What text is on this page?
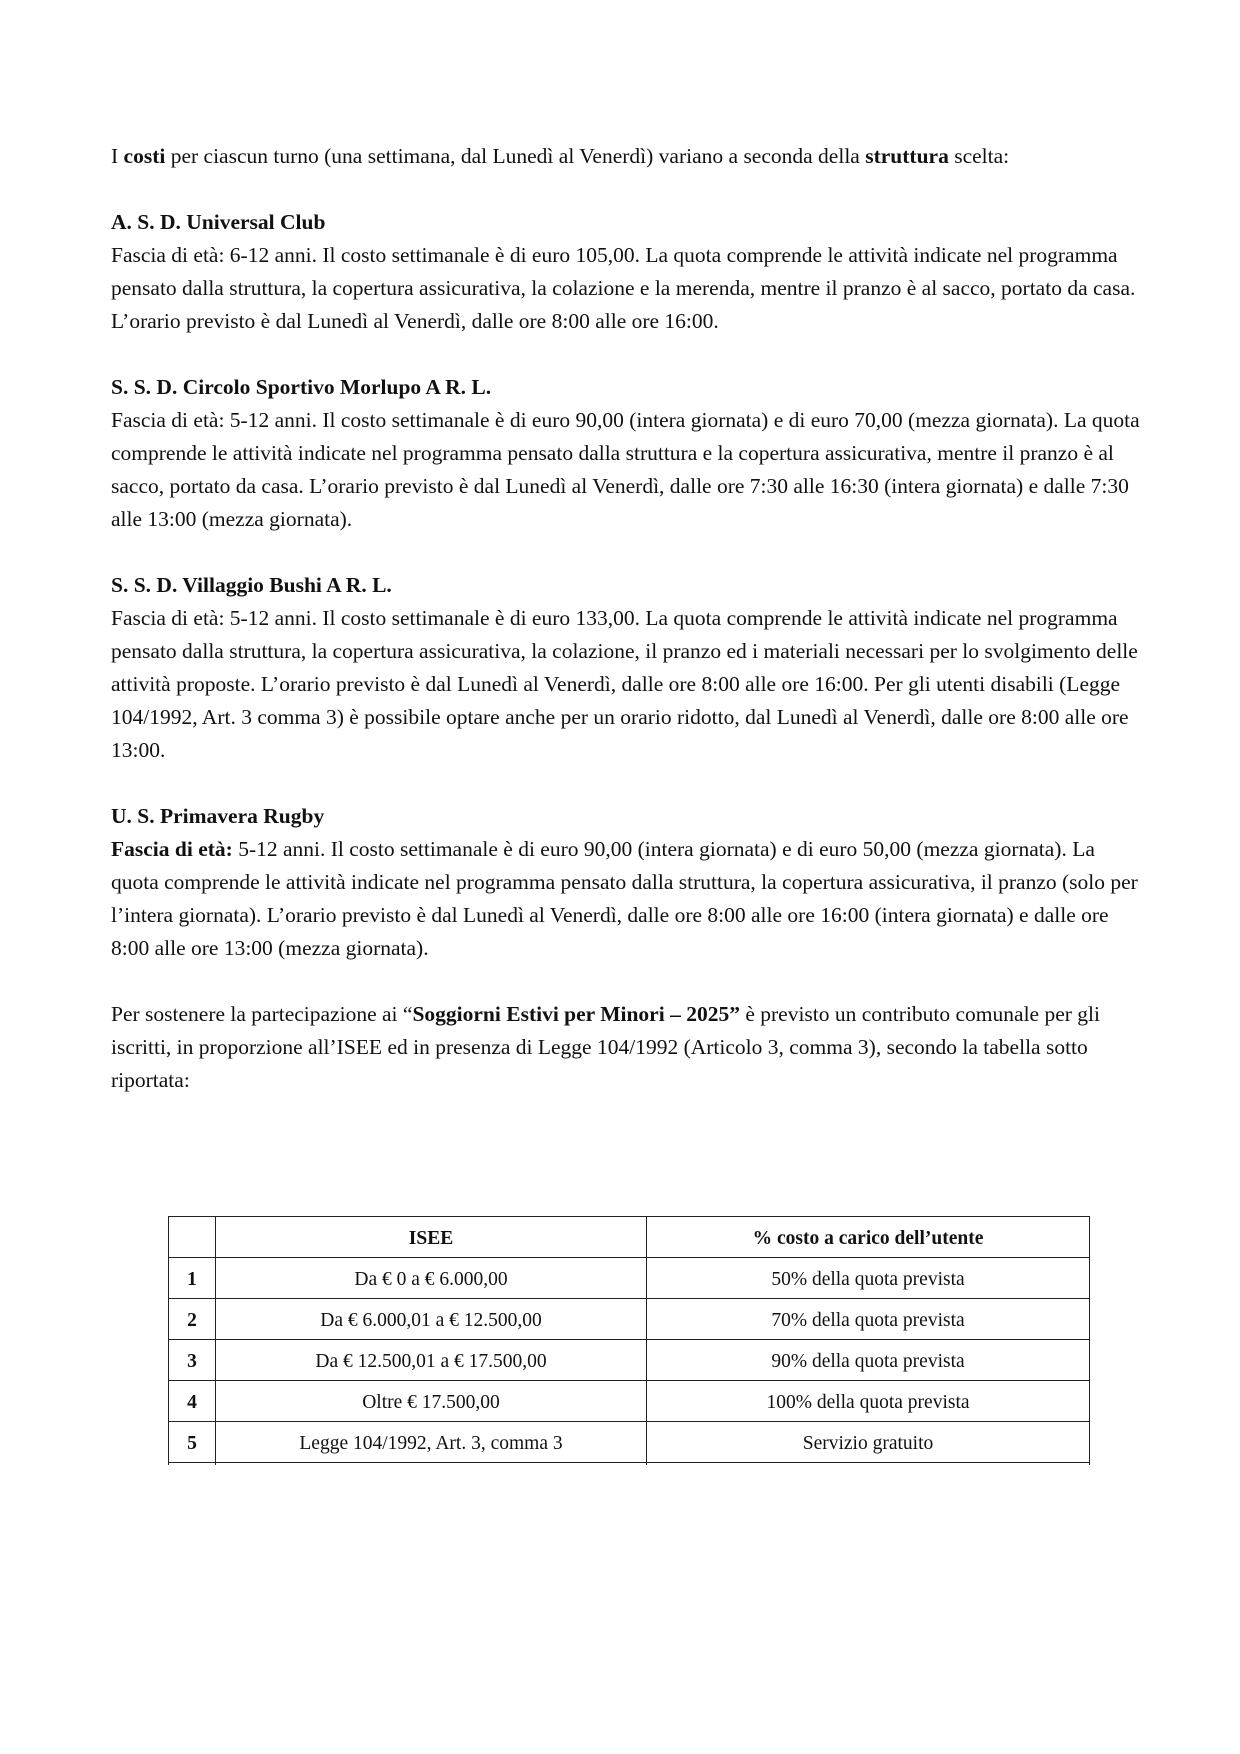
I costi per ciascun turno (una settimana, dal Lunedì al Venerdì) variano a seconda della struttura scelta:

A. S. D. Universal Club

Fascia di età: 6-12 anni. Il costo settimanale è di euro 105,00. La quota comprende le attività indicate nel programma pensato dalla struttura, la copertura assicurativa, la colazione e la merenda, mentre il pranzo è al sacco, portato da casa. L’orario previsto è dal Lunedì al Venerdì, dalle ore 8:00 alle ore 16:00.

S. S. D. Circolo Sportivo Morlupo A R. L.

Fascia di età: 5-12 anni. Il costo settimanale è di euro 90,00 (intera giornata) e di euro 70,00 (mezza giornata). La quota comprende le attività indicate nel programma pensato dalla struttura e la copertura assicurativa, mentre il pranzo è al sacco, portato da casa. L’orario previsto è dal Lunedì al Venerdì, dalle ore 7:30 alle 16:30 (intera giornata) e dalle 7:30 alle 13:00 (mezza giornata).

S. S. D. Villaggio Bushi A R. L.

Fascia di età: 5-12 anni. Il costo settimanale è di euro 133,00. La quota comprende le attività indicate nel programma pensato dalla struttura, la copertura assicurativa, la colazione, il pranzo ed i materiali necessari per lo svolgimento delle attività proposte. L’orario previsto è dal Lunedì al Venerdì, dalle ore 8:00 alle ore 16:00. Per gli utenti disabili (Legge 104/1992, Art. 3 comma 3) è possibile optare anche per un orario ridotto, dal Lunedì al Venerdì, dalle ore 8:00 alle ore 13:00.

U. S. Primavera Rugby

Fascia di età: 5-12 anni. Il costo settimanale è di euro 90,00 (intera giornata) e di euro 50,00 (mezza giornata). La quota comprende le attività indicate nel programma pensato dalla struttura, la copertura assicurativa, il pranzo (solo per l’intera giornata). L’orario previsto è dal Lunedì al Venerdì, dalle ore 8:00 alle ore 16:00 (intera giornata) e dalle ore 8:00 alle ore 13:00 (mezza giornata).

Per sostenere la partecipazione ai “Soggiorni Estivi per Minori – 2025” è previsto un contributo comunale per gli iscritti, in proporzione all’ISEE ed in presenza di Legge 104/1992 (Articolo 3, comma 3), secondo la tabella sotto riportata:

	ISEE	% costo a carico dell’utente
1	Da € 0 a € 6.000,00	50% della quota prevista
2	Da € 6.000,01 a € 12.500,00	70% della quota prevista
3	Da € 12.500,01 a € 17.500,00	90% della quota prevista
4	Oltre € 17.500,00	100% della quota prevista
5	Legge 104/1992, Art. 3, comma 3	Servizio gratuito
